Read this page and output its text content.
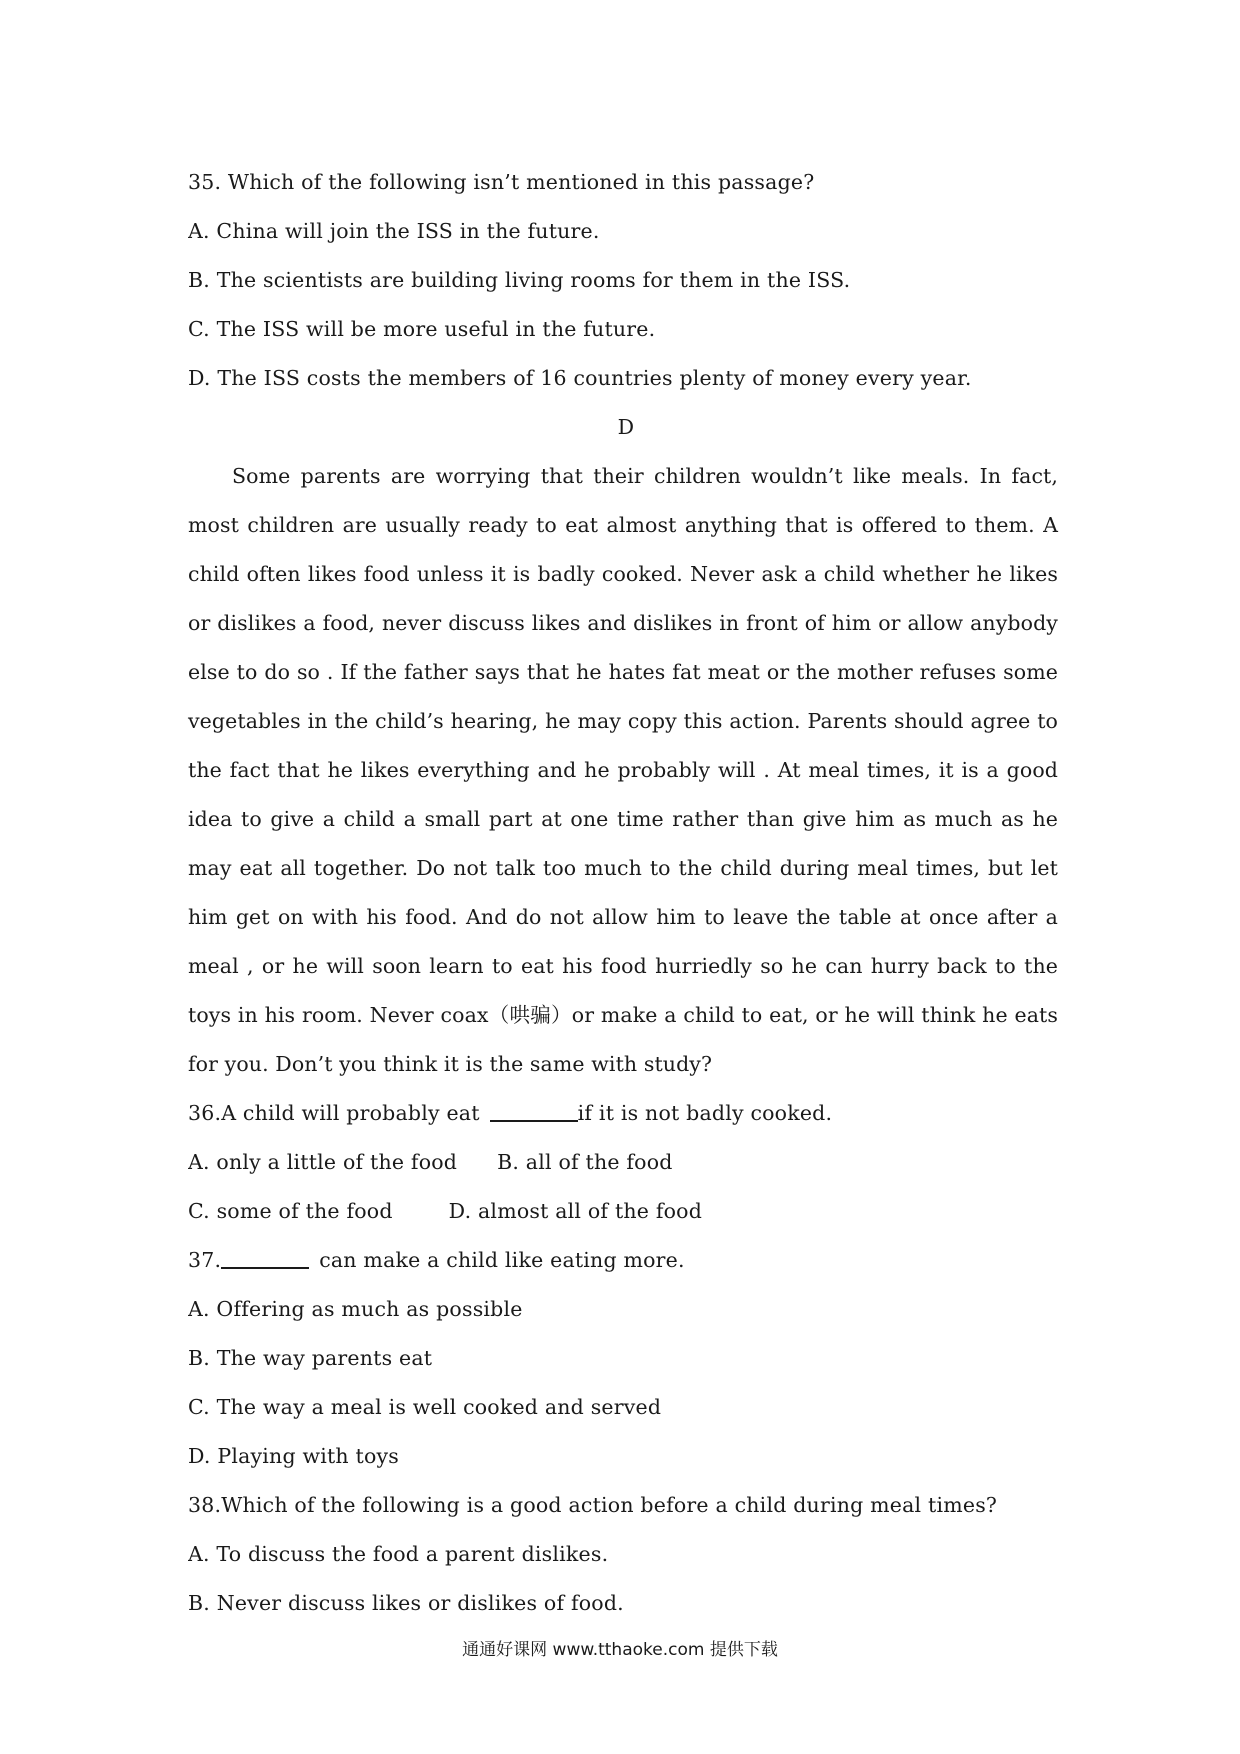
35. Which of the following isn’t mentioned in this passage?
A. China will join the ISS in the future.
B. The scientists are building living rooms for them in the ISS.
C. The ISS will be more useful in the future.
D. The ISS costs the members of 16 countries plenty of money every year.
D
Some parents are worrying that their children wouldn’t like meals. In fact, most children are usually ready to eat almost anything that is offered to them. A child often likes food unless it is badly cooked. Never ask a child whether he likes or dislikes a food, never discuss likes and dislikes in front of him or allow anybody else to do so . If the father says that he hates fat meat or the mother refuses some vegetables in the child’s hearing, he may copy this action. Parents should agree to the fact that he likes everything and he probably will . At meal times, it is a good idea to give a child a small part at one time rather than give him as much as he may eat all together. Do not talk too much to the child during meal times, but let him get on with his food. And do not allow him to leave the table at once after a meal , or he will soon learn to eat his food hurriedly so he can hurry back to the toys in his room. Never coax（哄骗）or make a child to eat, or he will think he eats for you. Don’t you think it is the same with study?
36.A child will probably eat	if it is not badly cooked.
A. only a little of the food B. all of the food
C. some of the food	D. almost all of the food
37.	can make a child like eating more.
A. Offering as much as possible
B. The way parents eat
C. The way a meal is well cooked and served
D. Playing with toys
38.Which of the following is a good action before a child during meal times?
A. To discuss the food a parent dislikes.
B. Never discuss likes or dislikes of food.
通通好课网 www.tthaoke.com 提供下载
